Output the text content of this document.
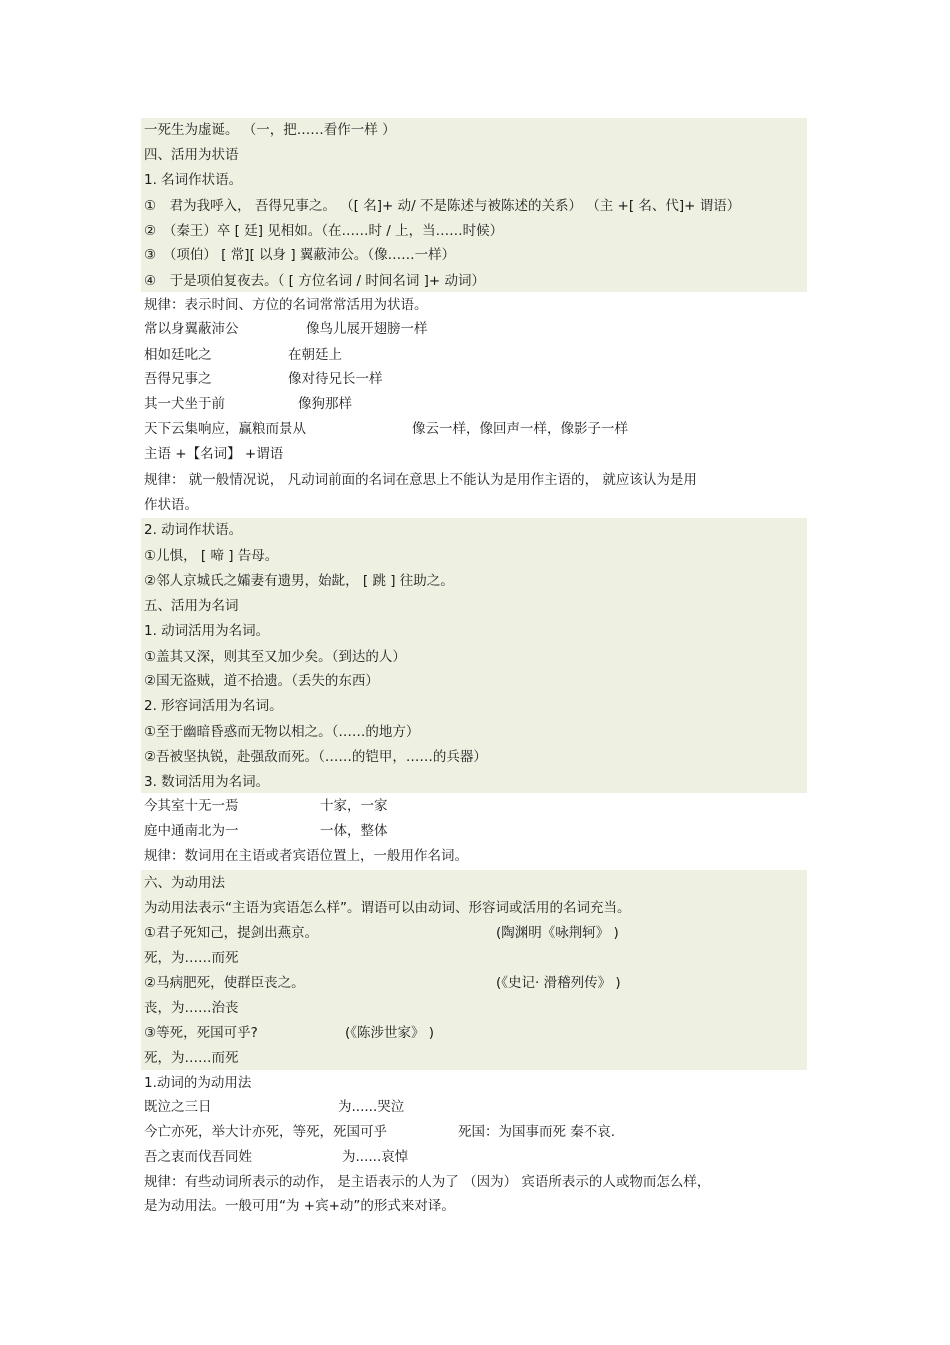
一死生为虚诞。 （一，把……看作一样 ）
四、活用为状语
1. 名词作状语。
①　君为我呼入， 吾得兄事之。 （[ 名]+ 动/ 不是陈述与被陈述的关系） （主 +[ 名、代]+ 谓语）
②　（秦王）卒 [ 廷] 见相如。（在……时 / 上，当……时候）
③　（项伯） [ 常][ 以身 ] 翼蔽沛公。（像……一样）
④　于是项伯复夜去。（ [ 方位名词 / 时间名词 ]+ 动词）
规律：表示时间、方位的名词常常活用为状语。
常以身翼蔽沛公	像鸟儿展开翅膀一样
相如廷叱之	在朝廷上
吾得兄事之	像对待兄长一样
其一犬坐于前	像狗那样
天下云集响应，赢粮而景从	像云一样，像回声一样，像影子一样
主语 +【名词】 +谓语
规律： 就一般情况说， 凡动词前面的名词在意思上不能认为是用作主语的， 就应该认为是用
作状语。
2. 动词作状语。
①儿惧， [ 啼 ] 告母。
②邻人京城氏之孀妻有遗男，始龀， [ 跳 ] 往助之。
五、活用为名词
1. 动词活用为名词。
①盖其又深，则其至又加少矣。（到达的人）
②国无盗贼，道不拾遗。（丢失的东西）
2. 形容词活用为名词。
①至于幽暗昏惑而无物以相之。（……的地方）
②吾被坚执锐，赴强敌而死。（……的铠甲，……的兵器）
3. 数词活用为名词。
今其室十无一焉	十家，一家
庭中通南北为一	一体，整体
规律：数词用在主语或者宾语位置上，一般用作名词。
六、为动用法
为动用法表示“主语为宾语怎么样”。谓语可以由动词、形容词或活用的名词充当。
①君子死知己，提剑出燕京。	(陶渊明《咏荆轲》 )
死，为……而死
②马病肥死，使群臣丧之。	(《史记· 滑稽列传》 )
丧，为……治丧
③等死，死国可乎?	(《陈涉世家》 )
死，为……而死
1.动词的为动用法
既泣之三日	为......哭泣
今亡亦死，举大计亦死，等死，死国可乎	死国：为国事而死 秦不哀.
吾之衷而伐吾同姓	为......哀悼
规律：有些动词所表示的动作， 是主语表示的人为了 （因为） 宾语所表示的人或物而怎么样，
是为动用法。一般可用“为 +宾+动”的形式来对译。
